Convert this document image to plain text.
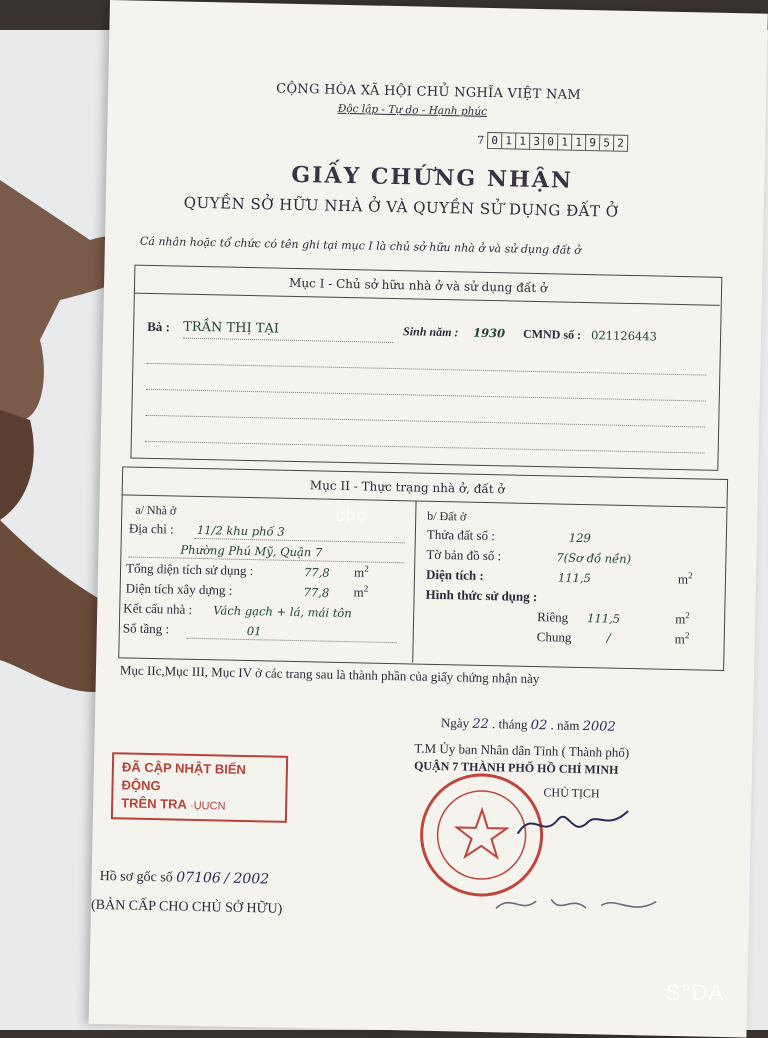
CỘNG HÒA XÃ HỘI CHỦ NGHĨA VIỆT NAM
Độc lập - Tự do - Hạnh phúc
7 0 1 1 3 0 1 1 9 5 2
GIẤY CHỨNG NHẬN
QUYỀN SỞ HỮU NHÀ Ở VÀ QUYỀN SỬ DỤNG ĐẤT Ở
Cá nhân hoặc tổ chức có tên ghi tại mục I là chủ sở hữu nhà ở và sử dụng đất ở
Mục I - Chủ sở hữu nhà ở và sử dụng đất ở
Bà : TRẦN THỊ TẠI	Sinh năm : 1930 CMND số : 021126443
Mục II - Thực trạng nhà ở, đất ở
a/ Nhà ở
Địa chỉ : 11/2 khu phố 3
Phường Phú Mỹ, Quận 7
Tổng diện tích sử dụng :	77,8 $m^2$
Diện tích xây dựng :	77,8 $m^2$
Kết cấu nhà : Vách gạch + lá, mái tôn
Số tầng :	01
b/ Đất ở
Thửa đất số :	129
Tờ bản đồ số :	7(Sơ đồ nền)
Diện tích :	111,5	$m^2$
Hình thức sử dụng :
Riêng 111,5	$m^2$
Chung	/	$m^2$
cho
Mục IIc,Mục III, Mục IV ở các trang sau là thành phần của giấy chứng nhận này
Ngày 22 . tháng 02 . năm 2002
T.M Ủy ban Nhân dân Tỉnh ( Thành phố)
QUẬN 7 THÀNH PHỐ HỒ CHÍ MINH
CHỦ TỊCH
ĐÃ CẬP NHẬT BIẾN ĐỘNG
TRÊN TRA ·ỤUCN
Hồ sơ gốc số 07106 / 2002
(BẢN CẤP CHO CHỦ SỞ HỮU)
S°DA
